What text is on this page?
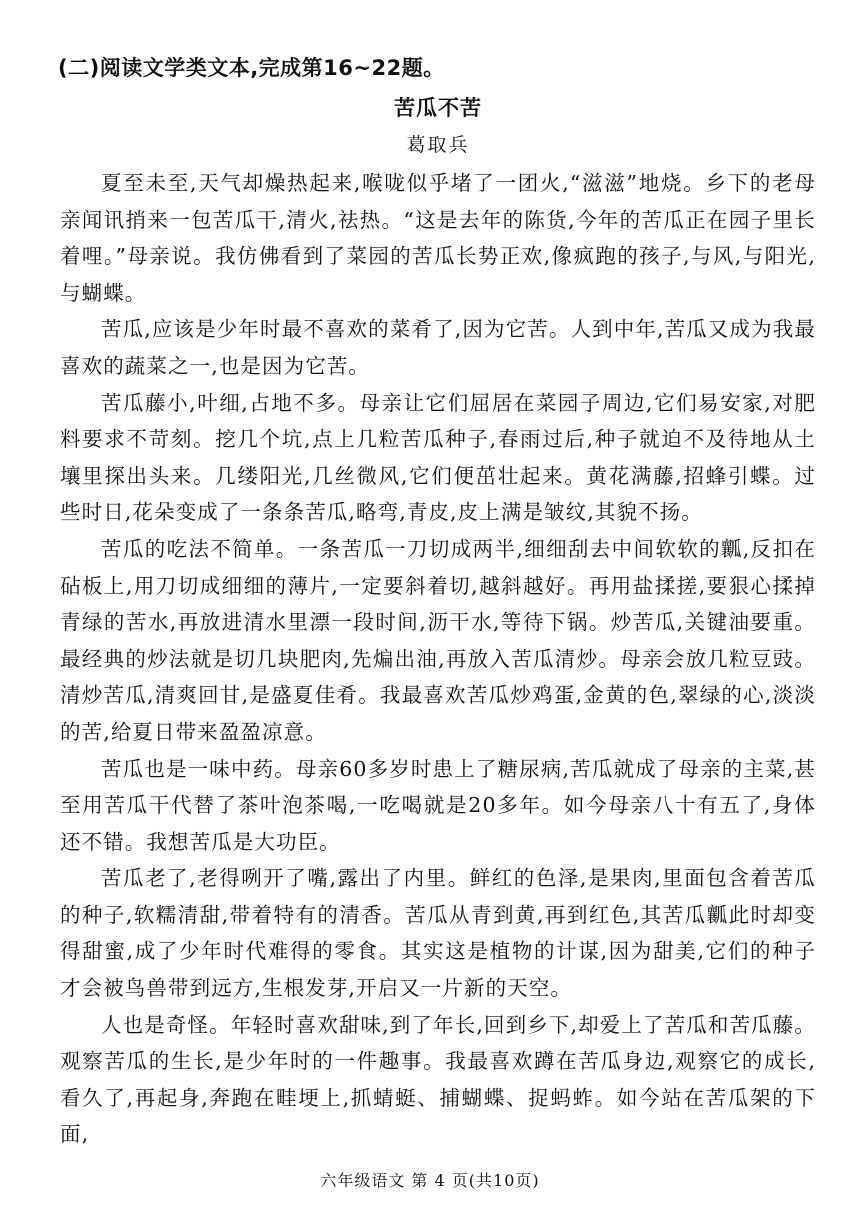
(二)阅读文学类文本,完成第16~22题。
苦瓜不苦
葛取兵

夏至未至,天气却燥热起来,喉咙似乎堵了一团火,“滋滋”地烧。乡下的老母亲闻讯捎来一包苦瓜干,清火,祛热。“这是去年的陈货,今年的苦瓜正在园子里长着哩。”母亲说。我仿佛看到了菜园的苦瓜长势正欢,像疯跑的孩子,与风,与阳光,与蝴蝶。

苦瓜,应该是少年时最不喜欢的菜肴了,因为它苦。人到中年,苦瓜又成为我最喜欢的蔬菜之一,也是因为它苦。

苦瓜藤小,叶细,占地不多。母亲让它们屈居在菜园子周边,它们易安家,对肥料要求不苛刻。挖几个坑,点上几粒苦瓜种子,春雨过后,种子就迫不及待地从土壤里探出头来。几缕阳光,几丝微风,它们便茁壮起来。黄花满藤,招蜂引蝶。过些时日,花朵变成了一条条苦瓜,略弯,青皮,皮上满是皱纹,其貌不扬。

苦瓜的吃法不简单。一条苦瓜一刀切成两半,细细刮去中间软软的瓤,反扣在砧板上,用刀切成细细的薄片,一定要斜着切,越斜越好。再用盐揉搓,要狠心揉掉青绿的苦水,再放进清水里漂一段时间,沥干水,等待下锅。炒苦瓜,关键油要重。最经典的炒法就是切几块肥肉,先煸出油,再放入苦瓜清炒。母亲会放几粒豆豉。清炒苦瓜,清爽回甘,是盛夏佳肴。我最喜欢苦瓜炒鸡蛋,金黄的色,翠绿的心,淡淡的苦,给夏日带来盈盈凉意。

苦瓜也是一味中药。母亲60多岁时患上了糖尿病,苦瓜就成了母亲的主菜,甚至用苦瓜干代替了茶叶泡茶喝,一吃喝就是20多年。如今母亲八十有五了,身体还不错。我想苦瓜是大功臣。

苦瓜老了,老得咧开了嘴,露出了内里。鲜红的色泽,是果肉,里面包含着苦瓜的种子,软糯清甜,带着特有的清香。苦瓜从青到黄,再到红色,其苦瓜瓤此时却变得甜蜜,成了少年时代难得的零食。其实这是植物的计谋,因为甜美,它们的种子才会被鸟兽带到远方,生根发芽,开启又一片新的天空。

人也是奇怪。年轻时喜欢甜味,到了年长,回到乡下,却爱上了苦瓜和苦瓜藤。观察苦瓜的生长,是少年时的一件趣事。我最喜欢蹲在苦瓜身边,观察它的成长,看久了,再起身,奔跑在畦埂上,抓蜻蜓、捕蝴蝶、捉蚂蚱。如今站在苦瓜架的下面,

六年级语文 第 4 页(共10页)
